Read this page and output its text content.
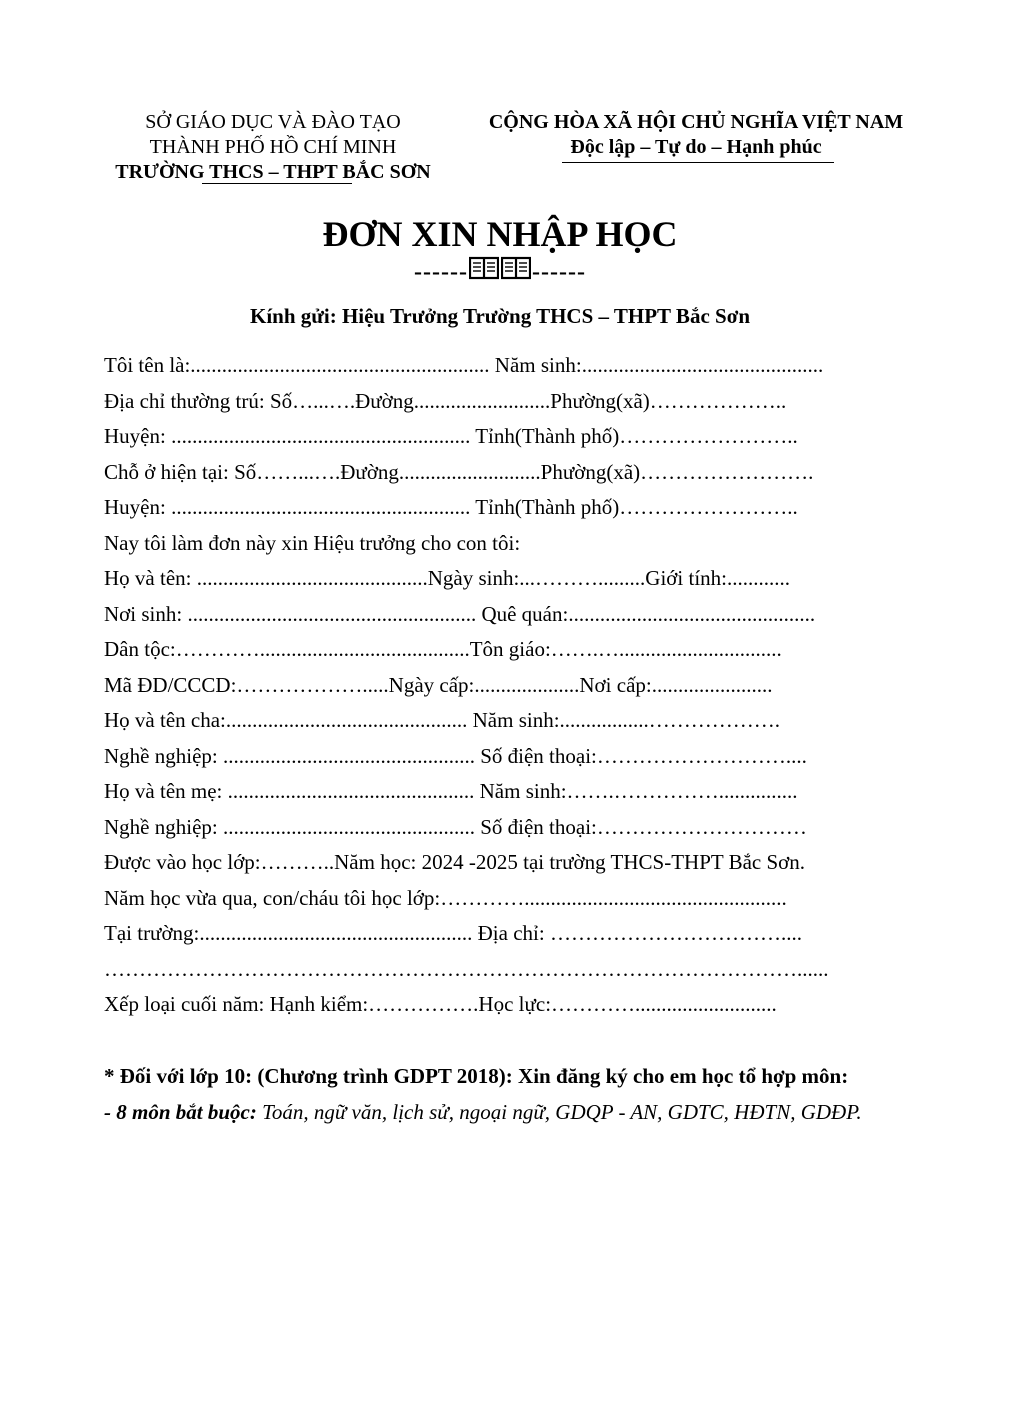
SỞ GIÁO DỤC VÀ ĐÀO TẠO
THÀNH PHỐ HỒ CHÍ MINH
TRƯỜNG THCS – THPT BẮC SƠN
CỘNG HÒA XÃ HỘI CHỦ NGHĨA VIỆT NAM
Độc lập – Tự do – Hạnh phúc
ĐƠN XIN NHẬP HỌC
------	------
Kính gửi: Hiệu Trưởng Trường THCS – THPT Bắc Sơn
Tôi tên là:......................................................... Năm sinh:..............................................
Địa chỉ thường trú: Số…...….Đường..........................Phường(xã)………………..
Huyện: ......................................................... Tỉnh(Thành phố)……………………..
Chỗ ở hiện tại: Số……...….Đường...........................Phường(xã)…………………….
Huyện: ......................................................... Tỉnh(Thành phố)……………………..
Nay tôi làm đơn này xin Hiệu trưởng cho con tôi:
Họ và tên: ............................................Ngày sinh:...……….........Giới tính:............
Nơi sinh: ....................................................... Quê quán:...............................................
Dân tộc:…………........................................Tôn giáo:…….…...............................
Mã ĐD/CCCD:……………….....Ngày cấp:....................Nơi cấp:.......................
Họ và tên cha:.............................................. Năm sinh:.................……………….
Nghề nghiệp: ................................................ Số điện thoại:………………………....
Họ và tên mẹ: ............................................... Năm sinh:…….……………...............
Nghề nghiệp: ................................................ Số điện thoại:…………………………
Được vào học lớp:………..Năm học: 2024 -2025 tại trường THCS-THPT Bắc Sơn.
Năm học vừa qua, con/cháu tôi học lớp:…………..................................................
Tại trường:.................................................... Địa chỉ: ……………………………....
………………………………………………………………………………………......
Xếp loại cuối năm: Hạnh kiểm:…………….Học lực:…………...........................
* Đối với lớp 10: (Chương trình GDPT 2018): Xin đăng ký cho em học tổ hợp môn:
- 8 môn bắt buộc: Toán, ngữ văn, lịch sử, ngoại ngữ, GDQP - AN, GDTC, HĐTN, GDĐP.
